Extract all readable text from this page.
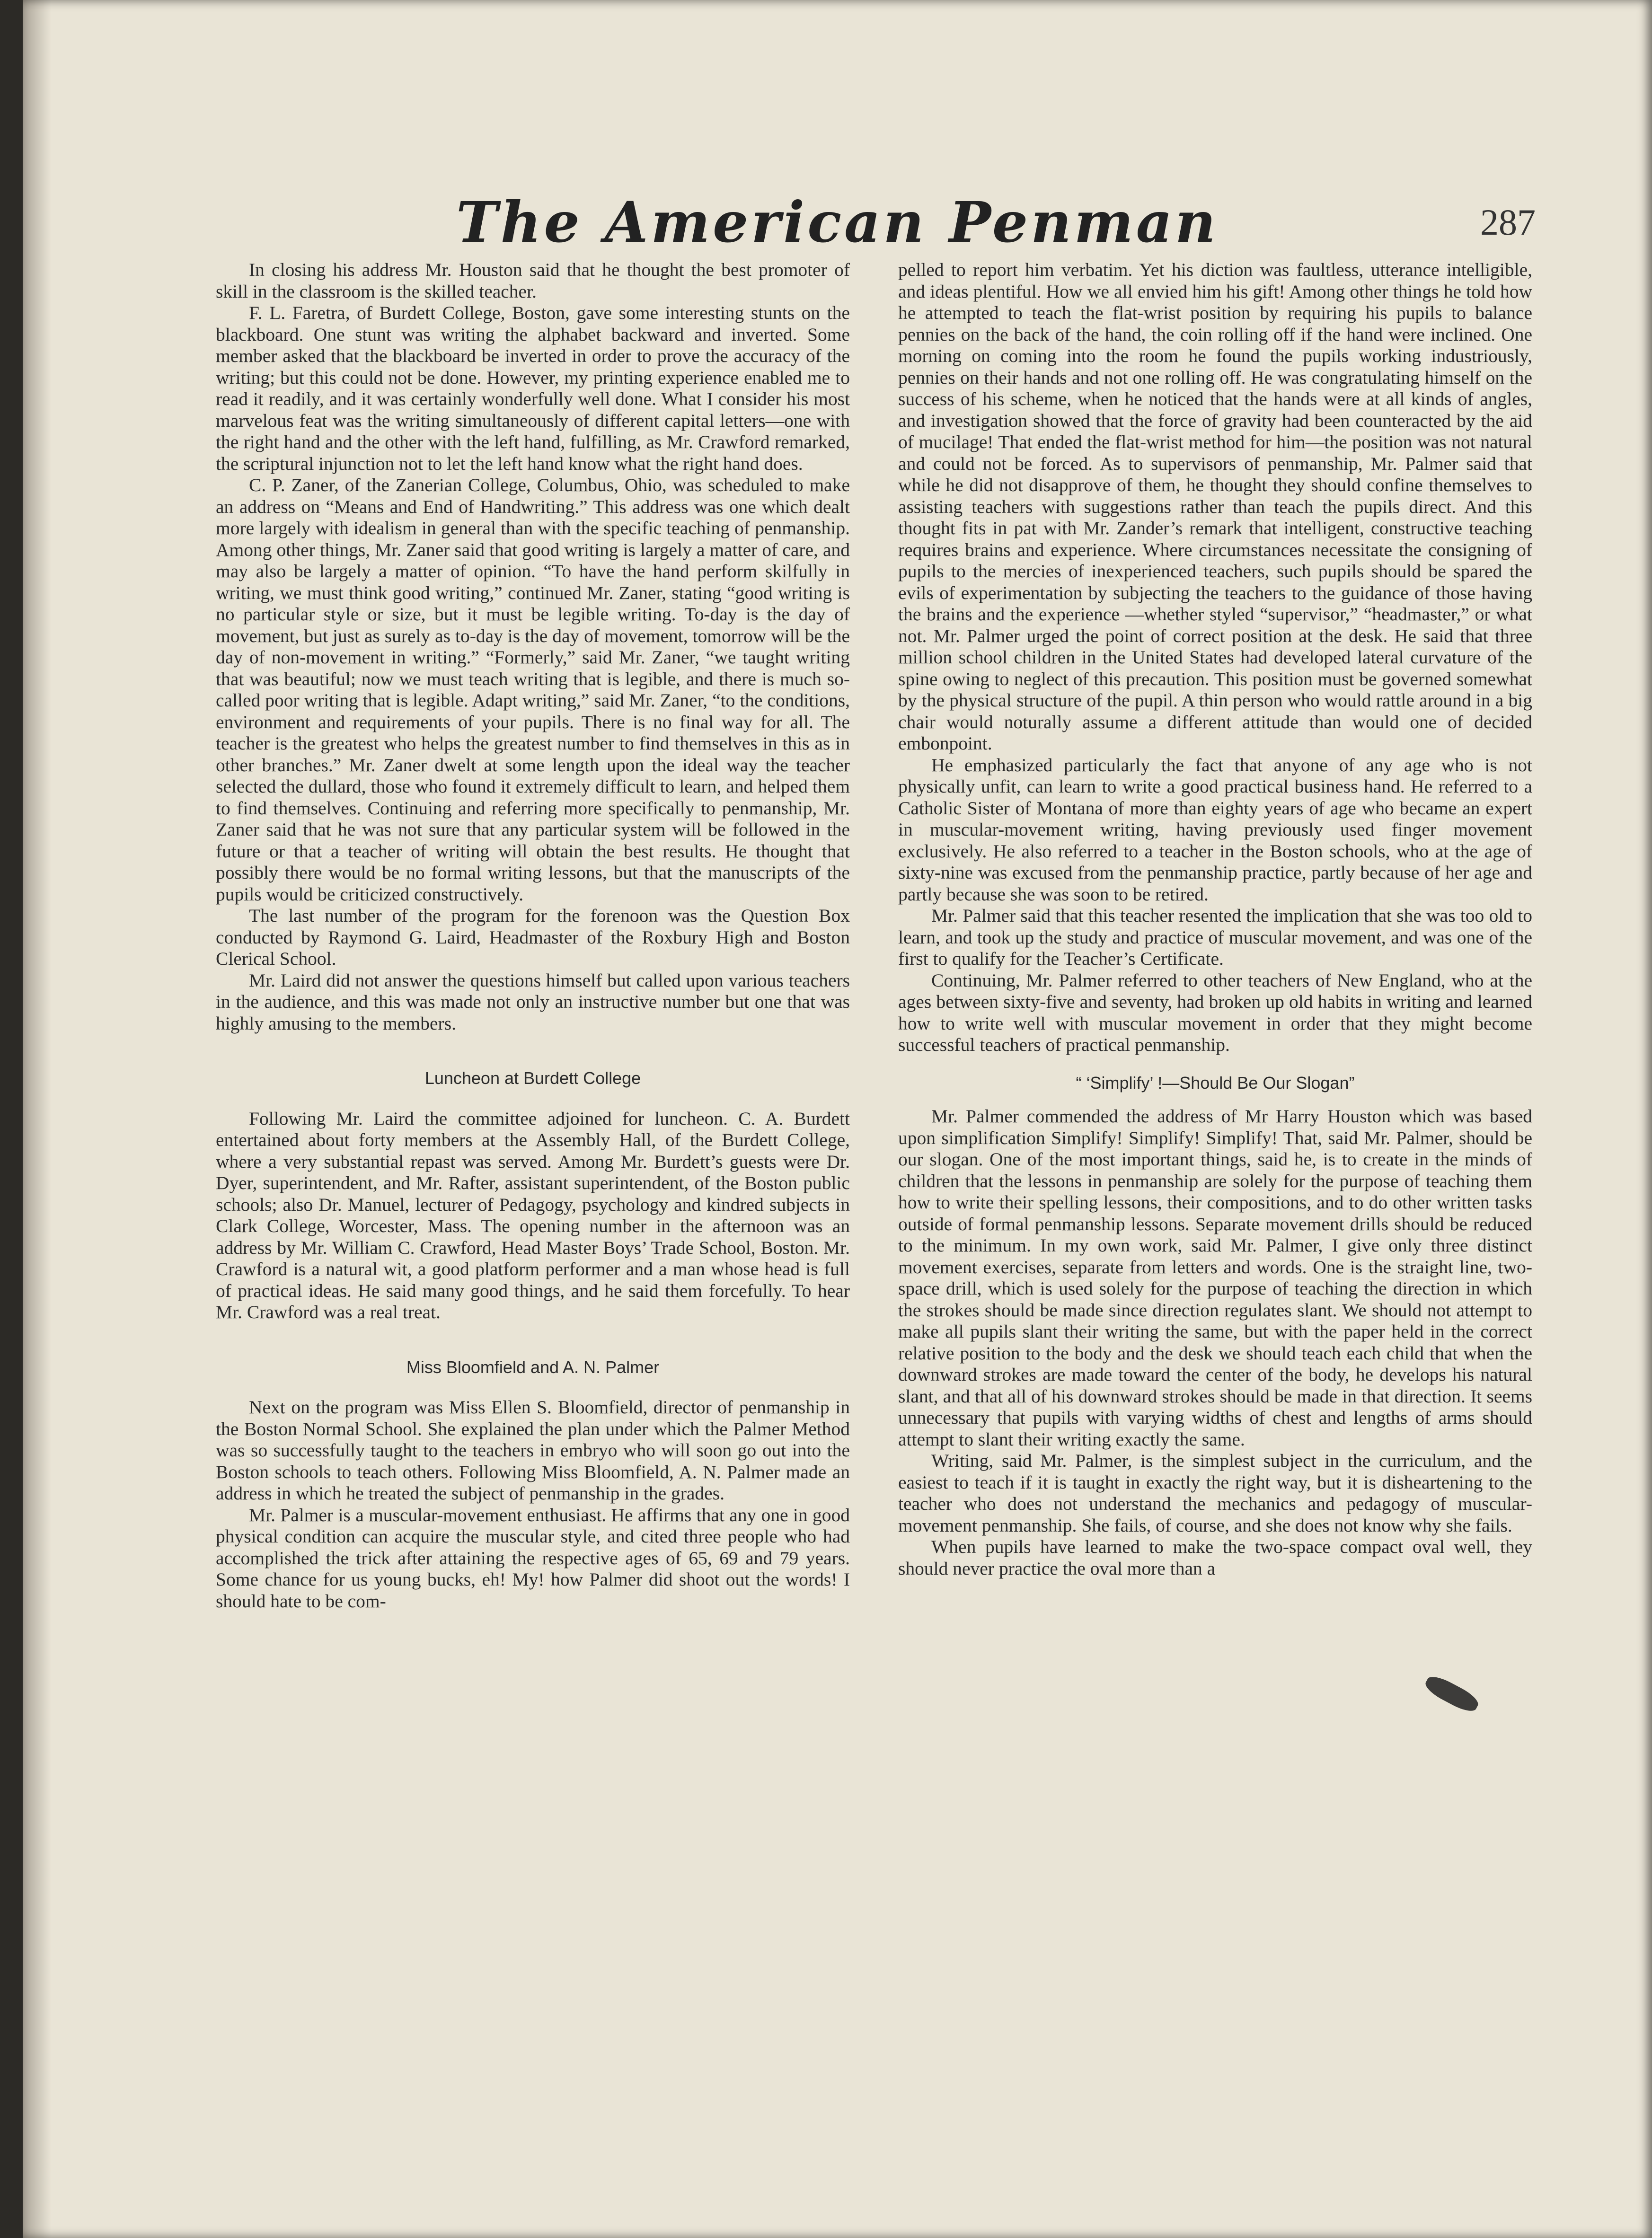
The American Penman	287

In closing his address Mr. Houston said that he thought the best promoter of skill in the classroom is the skilled teacher.

F. L. Faretra, of Burdett College, Boston, gave some interesting stunts on the blackboard. One stunt was writing the alphabet backward and inverted. Some member asked that the blackboard be inverted in order to prove the accuracy of the writing; but this could not be done. However, my printing experience enabled me to read it readily, and it was certainly wonderfully well done. What I consider his most marvelous feat was the writing simultaneously of different capital letters—one with the right hand and the other with the left hand, fulfilling, as Mr. Crawford remarked, the scriptural injunction not to let the left hand know what the right hand does.

C. P. Zaner, of the Zanerian College, Columbus, Ohio, was scheduled to make an address on “Means and End of Handwriting.” This address was one which dealt more largely with idealism in general than with the specific teaching of penmanship. Among other things, Mr. Zaner said that good writing is largely a matter of care, and may also be largely a matter of opinion. “To have the hand perform skilfully in writing, we must think good writing,” continued Mr. Zaner, stating “good writing is no particular style or size, but it must be legible writing. To-day is the day of movement, but just as surely as to-day is the day of movement, tomorrow will be the day of non-movement in writing.” “Formerly,” said Mr. Zaner, “we taught writing that was beautiful; now we must teach writing that is legible, and there is much so-called poor writing that is legible. Adapt writing,” said Mr. Zaner, “to the conditions, environment and requirements of your pupils. There is no final way for all. The teacher is the greatest who helps the greatest number to find themselves in this as in other branches.” Mr. Zaner dwelt at some length upon the ideal way the teacher selected the dullard, those who found it extremely difficult to learn, and helped them to find themselves. Continuing and referring more specifically to penmanship, Mr. Zaner said that he was not sure that any particular system will be followed in the future or that a teacher of writing will obtain the best results. He thought that possibly there would be no formal writing lessons, but that the manuscripts of the pupils would be criticized constructively.

The last number of the program for the forenoon was the Question Box conducted by Raymond G. Laird, Headmaster of the Roxbury High and Boston Clerical School.

Mr. Laird did not answer the questions himself but called upon various teachers in the audience, and this was made not only an instructive number but one that was highly amusing to the members.

Luncheon at Burdett College

Following Mr. Laird the committee adjoined for luncheon. C. A. Burdett entertained about forty members at the Assembly Hall, of the Burdett College, where a very substantial repast was served. Among Mr. Burdett’s guests were Dr. Dyer, superintendent, and Mr. Rafter, assistant superintendent, of the Boston public schools; also Dr. Manuel, lecturer of Pedagogy, psychology and kindred subjects in Clark College, Worcester, Mass. The opening number in the afternoon was an address by Mr. William C. Crawford, Head Master Boys’ Trade School, Boston. Mr. Crawford is a natural wit, a good platform performer and a man whose head is full of practical ideas. He said many good things, and he said them forcefully. To hear Mr. Crawford was a real treat.

Miss Bloomfield and A. N. Palmer

Next on the program was Miss Ellen S. Bloomfield, director of penmanship in the Boston Normal School. She explained the plan under which the Palmer Method was so successfully taught to the teachers in embryo who will soon go out into the Boston schools to teach others. Following Miss Bloomfield, A. N. Palmer made an address in which he treated the subject of penmanship in the grades.

Mr. Palmer is a muscular-movement enthusiast. He affirms that any one in good physical condition can acquire the muscular style, and cited three people who had accomplished the trick after attaining the respective ages of 65, 69 and 79 years. Some chance for us young bucks, eh! My! how Palmer did shoot out the words! I should hate to be com-

pelled to report him verbatim. Yet his diction was faultless, utterance intelligible, and ideas plentiful. How we all envied him his gift! Among other things he told how he attempted to teach the flat-wrist position by requiring his pupils to balance pennies on the back of the hand, the coin rolling off if the hand were inclined. One morning on coming into the room he found the pupils working industriously, pennies on their hands and not one rolling off. He was congratulating himself on the success of his scheme, when he noticed that the hands were at all kinds of angles, and investigation showed that the force of gravity had been counteracted by the aid of mucilage! That ended the flat-wrist method for him—the position was not natural and could not be forced. As to supervisors of penmanship, Mr. Palmer said that while he did not disapprove of them, he thought they should confine themselves to assisting teachers with suggestions rather than teach the pupils direct. And this thought fits in pat with Mr. Zander’s remark that intelligent, constructive teaching requires brains and experience. Where circumstances necessitate the consigning of pupils to the mercies of inexperienced teachers, such pupils should be spared the evils of experimentation by subjecting the teachers to the guidance of those having the brains and the experience —whether styled “supervisor,” “headmaster,” or what not. Mr. Palmer urged the point of correct position at the desk. He said that three million school children in the United States had developed lateral curvature of the spine owing to neglect of this precaution. This position must be governed somewhat by the physical structure of the pupil. A thin person who would rattle around in a big chair would noturally assume a different attitude than would one of decided embonpoint.

He emphasized particularly the fact that anyone of any age who is not physically unfit, can learn to write a good practical business hand. He referred to a Catholic Sister of Montana of more than eighty years of age who became an expert in muscular-movement writing, having previously used finger movement exclusively. He also referred to a teacher in the Boston schools, who at the age of sixty-nine was excused from the penmanship practice, partly because of her age and partly because she was soon to be retired.

Mr. Palmer said that this teacher resented the implication that she was too old to learn, and took up the study and practice of muscular movement, and was one of the first to qualify for the Teacher’s Certificate.

Continuing, Mr. Palmer referred to other teachers of New England, who at the ages between sixty-five and seventy, had broken up old habits in writing and learned how to write well with muscular movement in order that they might become successful teachers of practical penmanship.

“ ‘Simplify’ !—Should Be Our Slogan”

Mr. Palmer commended the address of Mr Harry Houston which was based upon simplification Simplify! Simplify! Simplify! That, said Mr. Palmer, should be our slogan. One of the most important things, said he, is to create in the minds of children that the lessons in penmanship are solely for the purpose of teaching them how to write their spelling lessons, their compositions, and to do other written tasks outside of formal penmanship lessons. Separate movement drills should be reduced to the minimum. In my own work, said Mr. Palmer, I give only three distinct movement exercises, separate from letters and words. One is the straight line, two-space drill, which is used solely for the purpose of teaching the direction in which the strokes should be made since direction regulates slant. We should not attempt to make all pupils slant their writing the same, but with the paper held in the correct relative position to the body and the desk we should teach each child that when the downward strokes are made toward the center of the body, he develops his natural slant, and that all of his downward strokes should be made in that direction. It seems unnecessary that pupils with varying widths of chest and lengths of arms should attempt to slant their writing exactly the same.

Writing, said Mr. Palmer, is the simplest subject in the curriculum, and the easiest to teach if it is taught in exactly the right way, but it is disheartening to the teacher who does not understand the mechanics and pedagogy of muscular-movement penmanship. She fails, of course, and she does not know why she fails.

When pupils have learned to make the two-space compact oval well, they should never practice the oval more than a
